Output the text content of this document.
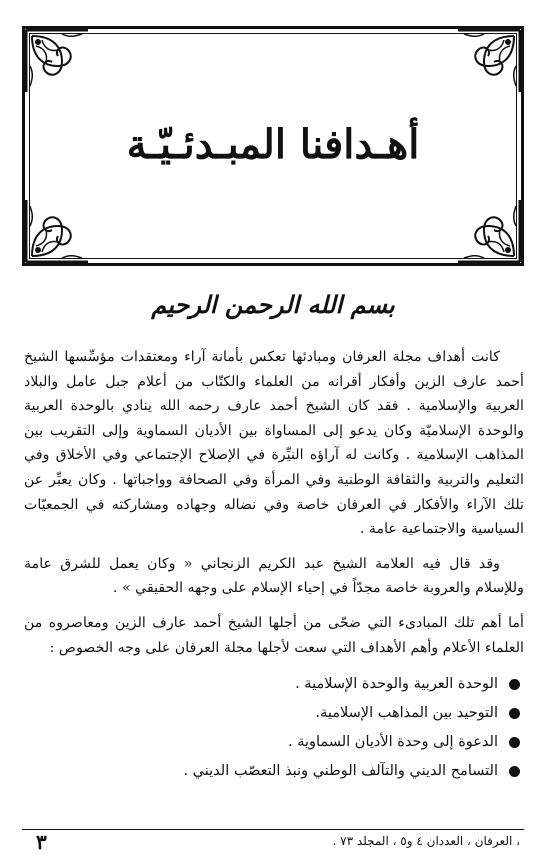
أهـدافنا المبـدئـيّـة
بسم الله الرحمن الرحيم

كانت أهداف مجلة العرفان ومبادئها تعكس بأمانة آراء ومعتقدات مؤسِّسها الشيخ أحمد عارف الزين وأفكار أقرانه من العلماء والكتّاب من أعلام جبل عامل والبلاد العربية والإسلامية . فقد كان الشيخ أحمد عارف رحمه الله ينادي بالوحدة العربية والوحدة الإسلاميّة وكان يدعو إلى المساواة بين الأديان السماوية وإلى التقريب بين المذاهب الإسلامية . وكانت له آراؤه النيِّرة في الإصلاح الإجتماعي وفي الأخلاق وفي التعليم والتربية والثقافة الوطنية وفي المرأة وفي الصحافة وواجباتها . وكان يعبِّر عن تلك الآراء والأفكار في العرفان خاصة وفي نضاله وجهاده ومشاركته في الجمعيّات السياسية والاجتماعية عامة .

وقد قال فيه العلامة الشيخ عبد الكريم الزنجاني « وكان يعمل للشرق عامة وللإسلام والعروبة خاصة مجدّاً في إحياء الإسلام على وجهه الحقيقي » .

أما أهم تلك المبادىء التي ضحّى من أجلها الشيخ أحمد عارف الزين ومعاصروه من العلماء الأعلام وأهم الأهداف التي سعت لأجلها مجلة العرفان على وجه الخصوص :

الوحدة العربية والوحدة الإسلامية .
التوحيد بين المذاهب الإسلامية.
الدعوة إلى وحدة الأديان السماوية .
التسامح الديني والتآلف الوطني ونبذ التعصّب الديني .
٣	، العرفان ، العددان ٤ و٥ ، المجلد ٧٣ .
